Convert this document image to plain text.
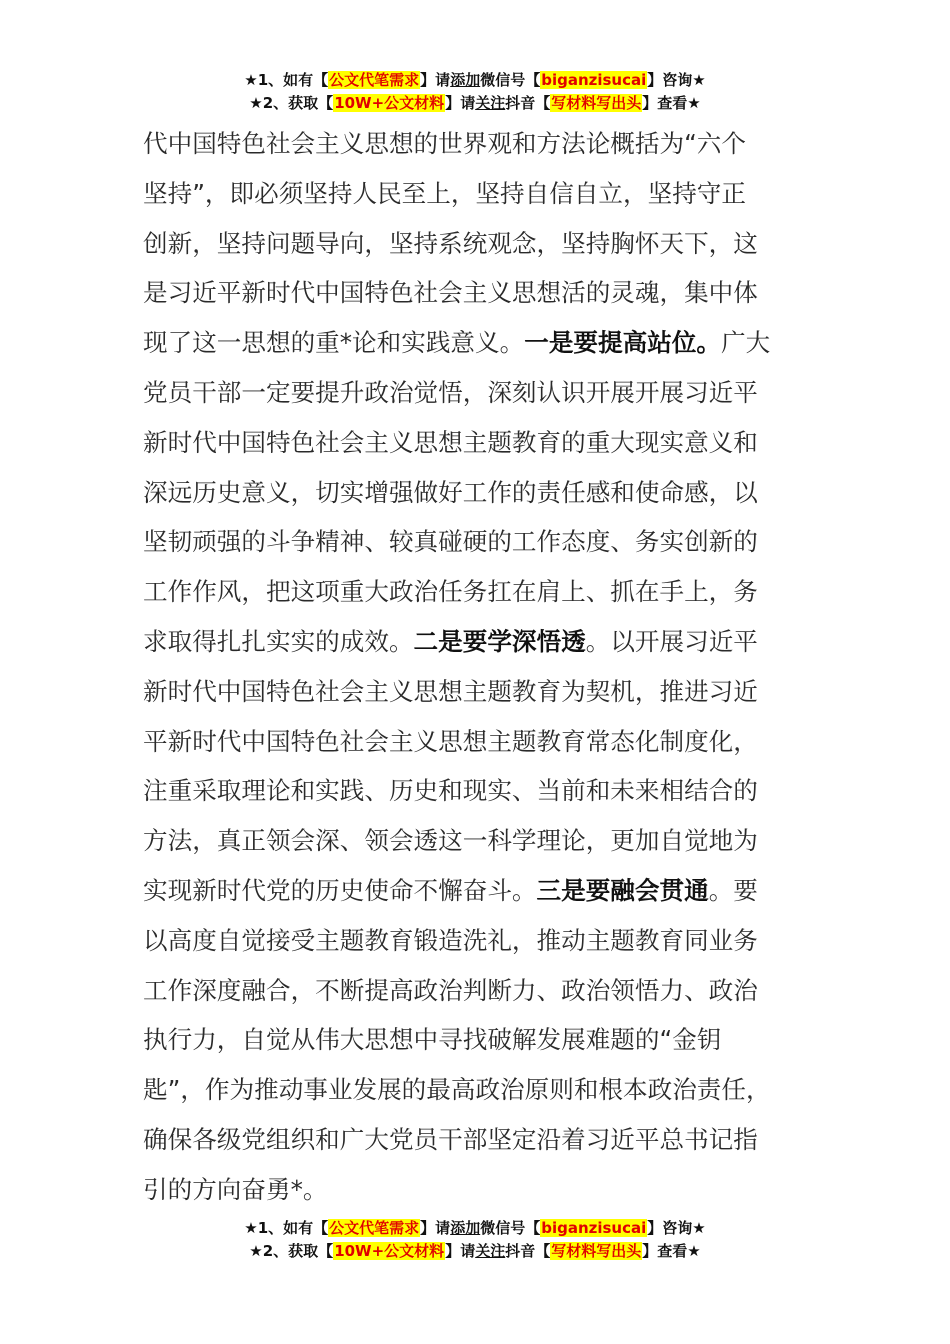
★1、如有【公文代笔需求】请添加微信号【biganzisucai】咨询★
★2、获取【10W+公文材料】请关注抖音【写材料写出头】查看★
代中国特色社会主义思想的世界观和方法论概括为“六个
坚持”，即必须坚持人民至上，坚持自信自立，坚持守正
创新，坚持问题导向，坚持系统观念，坚持胸怀天下，这
是习近平新时代中国特色社会主义思想活的灵魂，集中体
现了这一思想的重*论和实践意义。一是要提高站位。广大
党员干部一定要提升政治觉悟，深刻认识开展开展习近平
新时代中国特色社会主义思想主题教育的重大现实意义和
深远历史意义，切实增强做好工作的责任感和使命感，以
坚韧顽强的斗争精神、较真碰硬的工作态度、务实创新的
工作作风，把这项重大政治任务扛在肩上、抓在手上，务
求取得扎扎实实的成效。二是要学深悟透。以开展习近平
新时代中国特色社会主义思想主题教育为契机，推进习近
平新时代中国特色社会主义思想主题教育常态化制度化，
注重采取理论和实践、历史和现实、当前和未来相结合的
方法，真正领会深、领会透这一科学理论，更加自觉地为
实现新时代党的历史使命不懈奋斗。三是要融会贯通。要
以高度自觉接受主题教育锻造洗礼，推动主题教育同业务
工作深度融合，不断提高政治判断力、政治领悟力、政治
执行力，自觉从伟大思想中寻找破解发展难题的“金钥
匙”，作为推动事业发展的最高政治原则和根本政治责任，
确保各级党组织和广大党员干部坚定沿着习近平总书记指
引的方向奋勇*。
★1、如有【公文代笔需求】请添加微信号【biganzisucai】咨询★
★2、获取【10W+公文材料】请关注抖音【写材料写出头】查看★
